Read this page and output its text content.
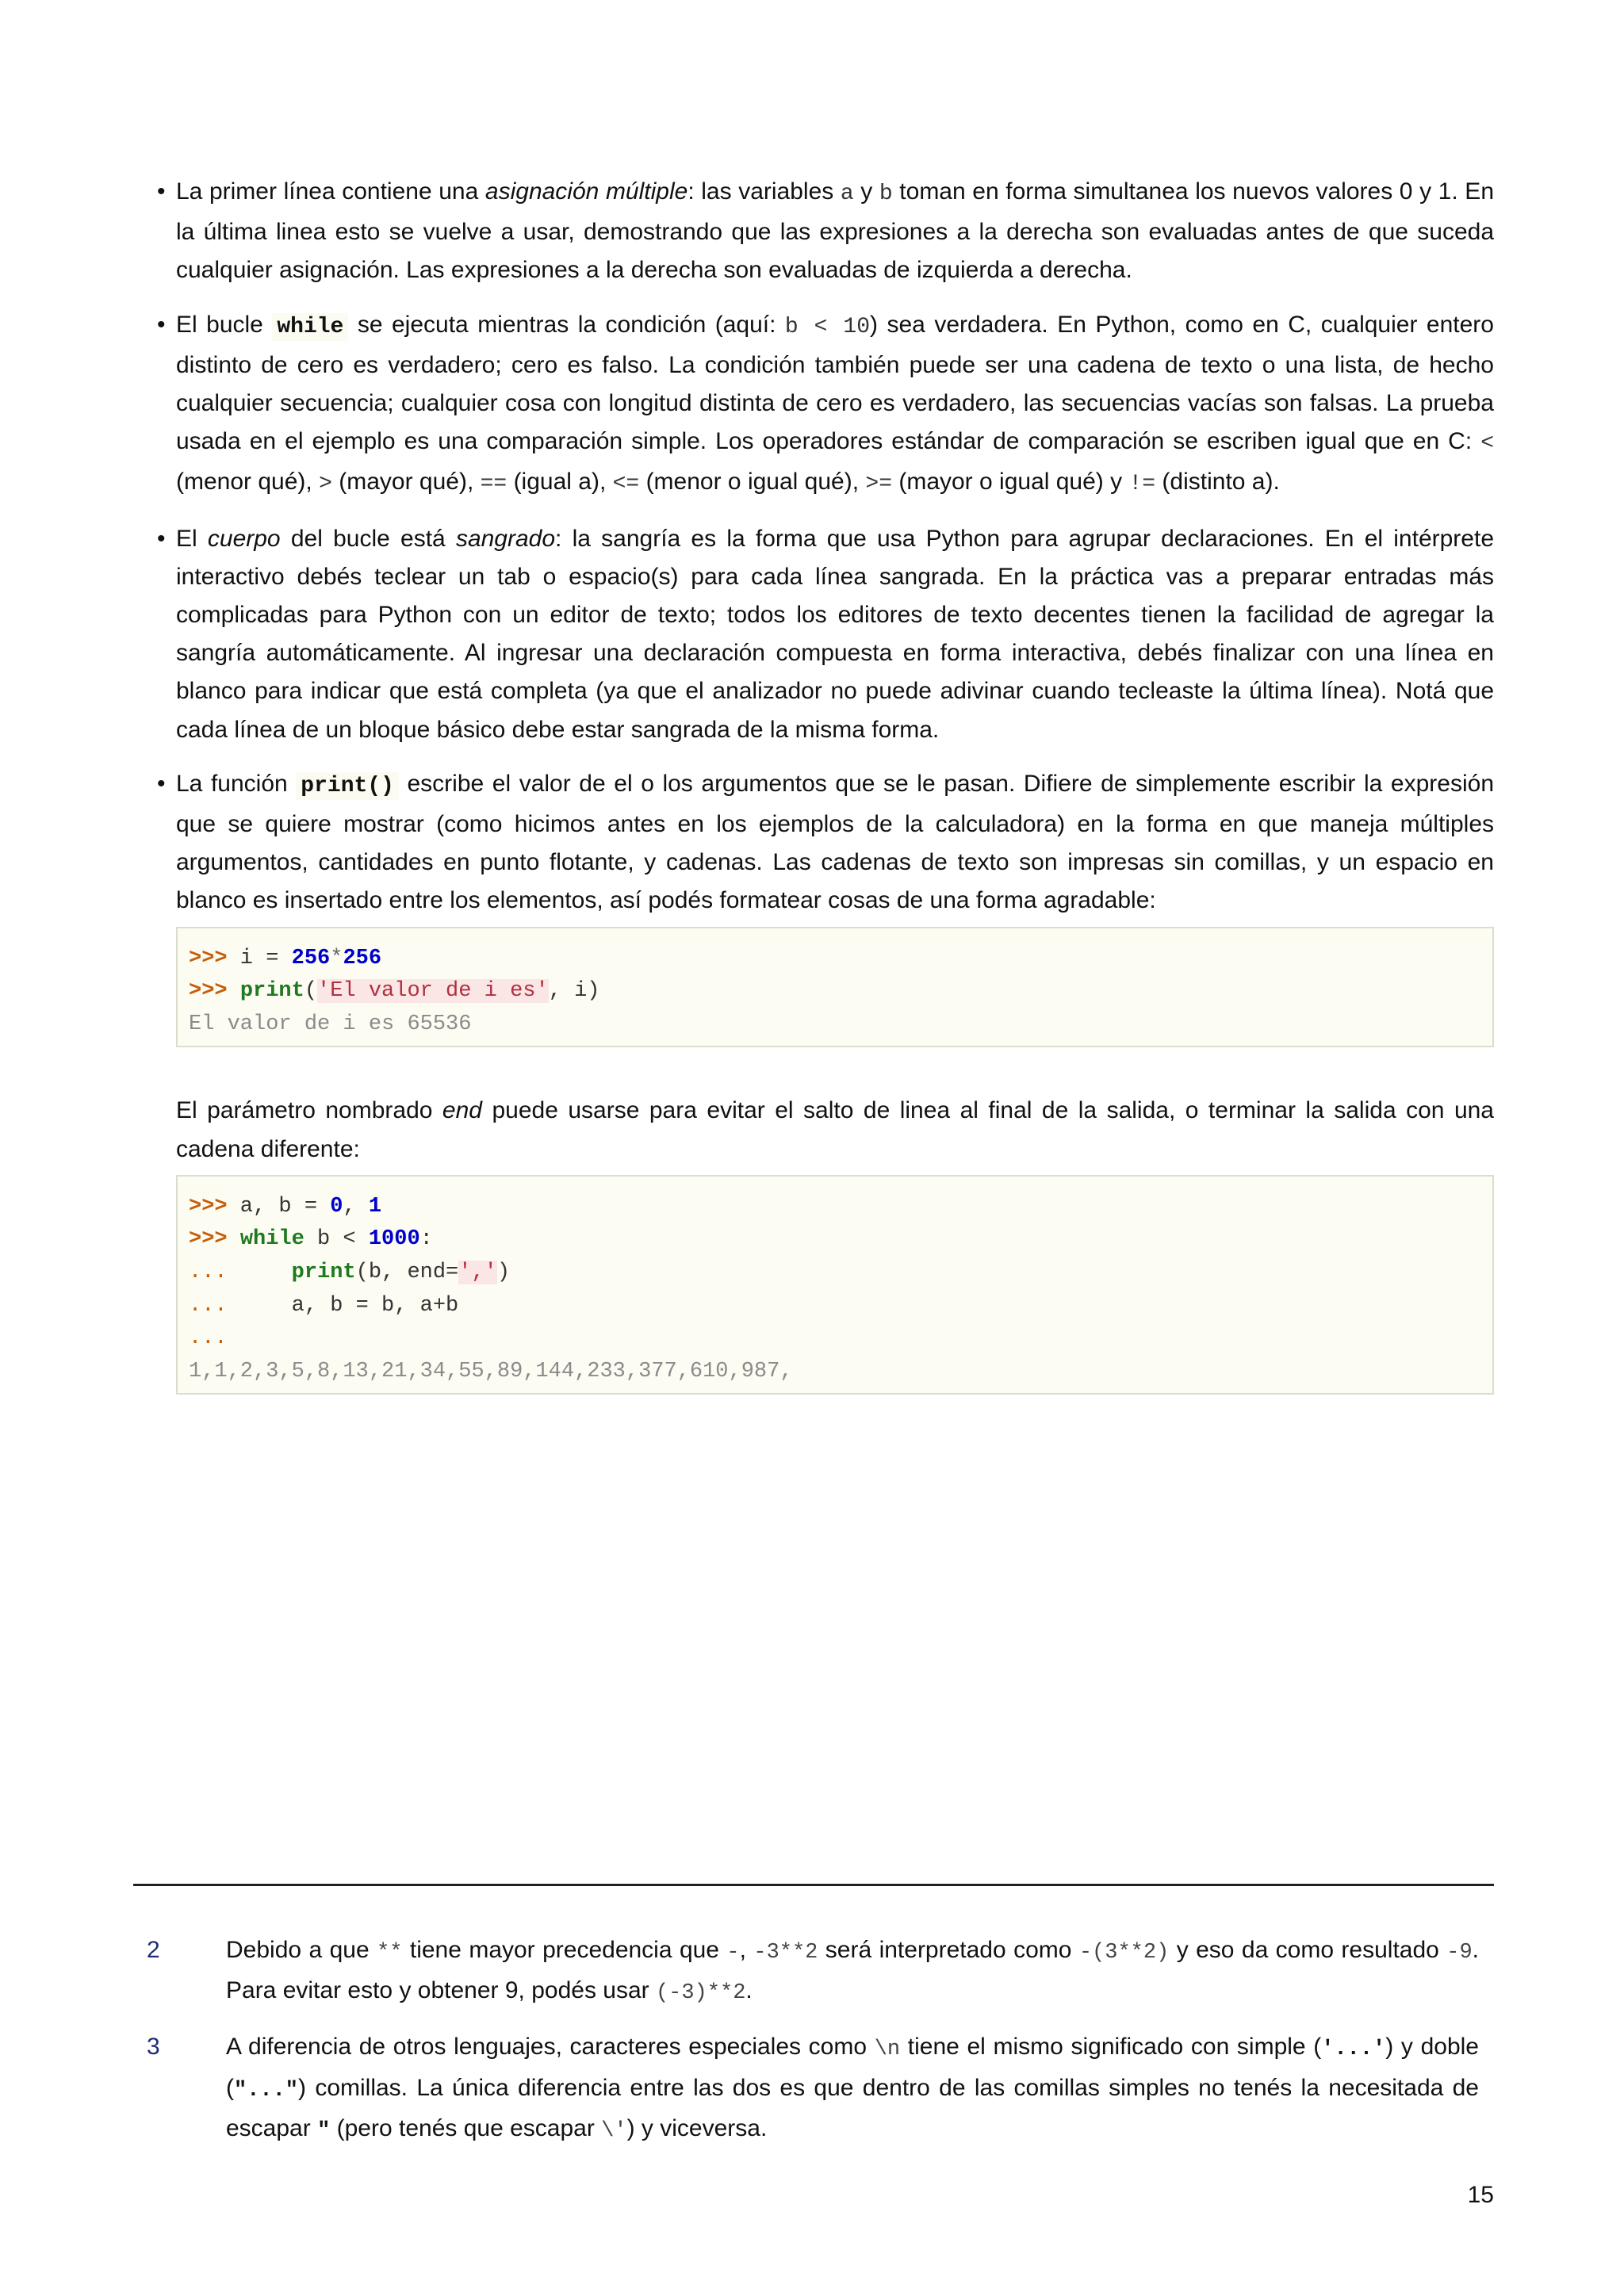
• La primer línea contiene una asignación múltiple: las variables a y b toman en forma simultanea los nuevos valores 0 y 1. En la última linea esto se vuelve a usar, demostrando que las expresiones a la derecha son evaluadas antes de que suceda cualquier asignación. Las expresiones a la derecha son evaluadas de izquierda a derecha.

• El bucle while se ejecuta mientras la condición (aquí: b < 10) sea verdadera. En Python, como en C, cualquier entero distinto de cero es verdadero; cero es falso. La condición también puede ser una cadena de texto o una lista, de hecho cualquier secuencia; cualquier cosa con longitud distinta de cero es verdadero, las secuencias vacías son falsas. La prueba usada en el ejemplo es una comparación simple. Los operadores estándar de comparación se escriben igual que en C: < (menor qué), > (mayor qué), == (igual a), <= (menor o igual qué), >= (mayor o igual qué) y != (distinto a).

• El cuerpo del bucle está sangrado: la sangría es la forma que usa Python para agrupar declaraciones. En el intérprete interactivo debés teclear un tab o espacio(s) para cada línea sangrada. En la práctica vas a preparar entradas más complicadas para Python con un editor de texto; todos los editores de texto decentes tienen la facilidad de agregar la sangría automáticamente. Al ingresar una declaración compuesta en forma interactiva, debés finalizar con una línea en blanco para indicar que está completa (ya que el analizador no puede adivinar cuando tecleaste la última línea). Notá que cada línea de un bloque básico debe estar sangrada de la misma forma.

• La función print() escribe el valor de el o los argumentos que se le pasan. Difiere de simplemente escribir la expresión que se quiere mostrar (como hicimos antes en los ejemplos de la calculadora) en la forma en que maneja múltiples argumentos, cantidades en punto flotante, y cadenas. Las cadenas de texto son impresas sin comillas, y un espacio en blanco es insertado entre los elementos, así podés formatear cosas de una forma agradable:

>>> i = 256*256
>>> print('El valor de i es', i)
El valor de i es 65536

El parámetro nombrado end puede usarse para evitar el salto de linea al final de la salida, o terminar la salida con una cadena diferente:

>>> a, b = 0, 1
>>> while b < 1000:
...	print(b, end=',')
...     a, b = b, a+b
...
1,1,2,3,5,8,13,21,34,55,89,144,233,377,610,987,
2	Debido a que ** tiene mayor precedencia que -, -3**2 será interpretado como -(3**2) y eso da como resultado -9. Para evitar esto y obtener 9, podés usar (-3)**2.

3	A diferencia de otros lenguajes, caracteres especiales como \n tiene el mismo significado con simple ('...') y doble ("...") comillas. La única diferencia entre las dos es que dentro de las comillas simples no tenés la necesitada de escapar " (pero tenés que escapar \') y viceversa.

15
